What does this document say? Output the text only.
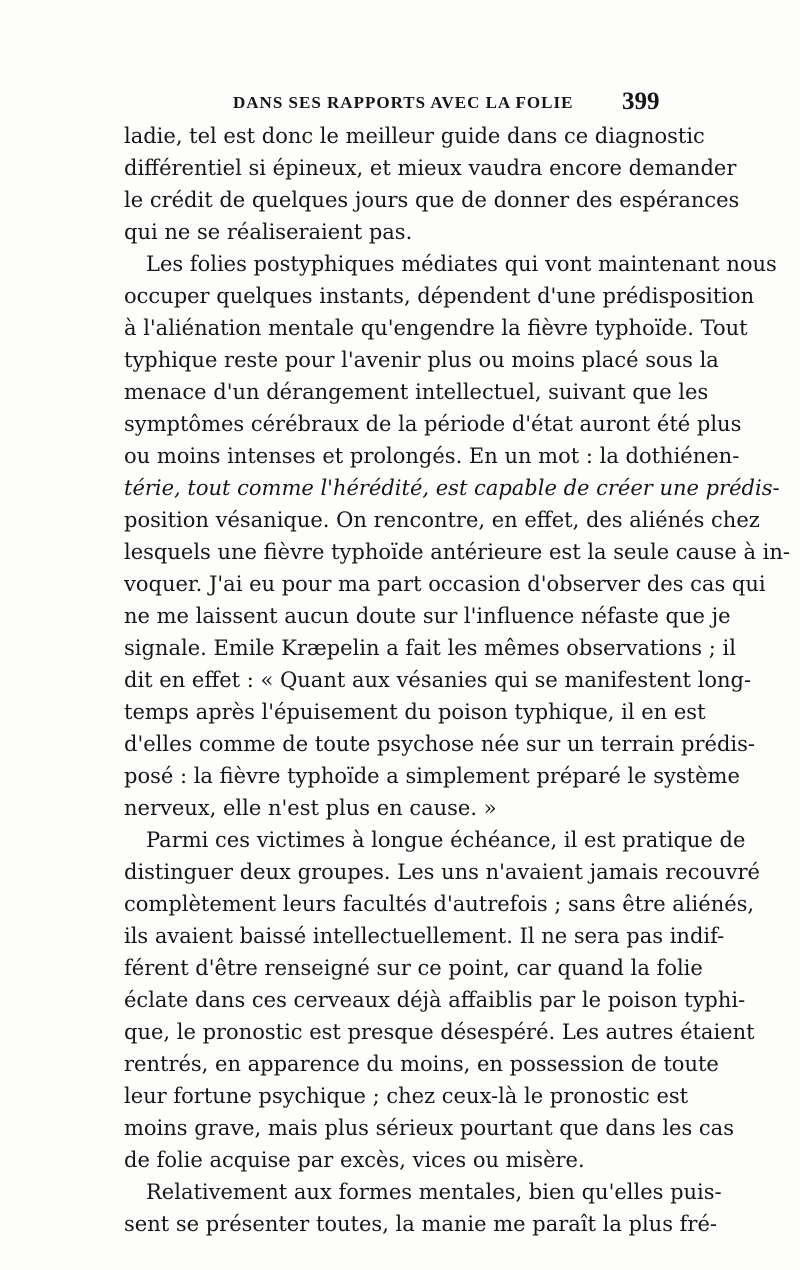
DANS SES RAPPORTS AVEC LA FOLIE 399
ladie, tel est donc le meilleur guide dans ce diagnostic
différentiel si épineux, et mieux vaudra encore demander
le crédit de quelques jours que de donner des espérances
qui ne se réaliseraient pas.
Les folies postyphiques médiates qui vont maintenant nous
occuper quelques instants, dépendent d'une prédisposition
à l'aliénation mentale qu'engendre la fièvre typhoïde. Tout
typhique reste pour l'avenir plus ou moins placé sous la
menace d'un dérangement intellectuel, suivant que les
symptômes cérébraux de la période d'état auront été plus
ou moins intenses et prolongés. En un mot : la dothiénen-
térie, tout comme l'hérédité, est capable de créer une prédis-
position vésanique. On rencontre, en effet, des aliénés chez
lesquels une fièvre typhoïde antérieure est la seule cause à in-
voquer. J'ai eu pour ma part occasion d'observer des cas qui
ne me laissent aucun doute sur l'influence néfaste que je
signale. Emile Kræpelin a fait les mêmes observations ; il
dit en effet : « Quant aux vésanies qui se manifestent long-
temps après l'épuisement du poison typhique, il en est
d'elles comme de toute psychose née sur un terrain prédis-
posé : la fièvre typhoïde a simplement préparé le système
nerveux, elle n'est plus en cause. »
Parmi ces victimes à longue échéance, il est pratique de
distinguer deux groupes. Les uns n'avaient jamais recouvré
complètement leurs facultés d'autrefois ; sans être aliénés,
ils avaient baissé intellectuellement. Il ne sera pas indif-
férent d'être renseigné sur ce point, car quand la folie
éclate dans ces cerveaux déjà affaiblis par le poison typhi-
que, le pronostic est presque désespéré. Les autres étaient
rentrés, en apparence du moins, en possession de toute
leur fortune psychique ; chez ceux-là le pronostic est
moins grave, mais plus sérieux pourtant que dans les cas
de folie acquise par excès, vices ou misère.
Relativement aux formes mentales, bien qu'elles puis-
sent se présenter toutes, la manie me paraît la plus fré-
